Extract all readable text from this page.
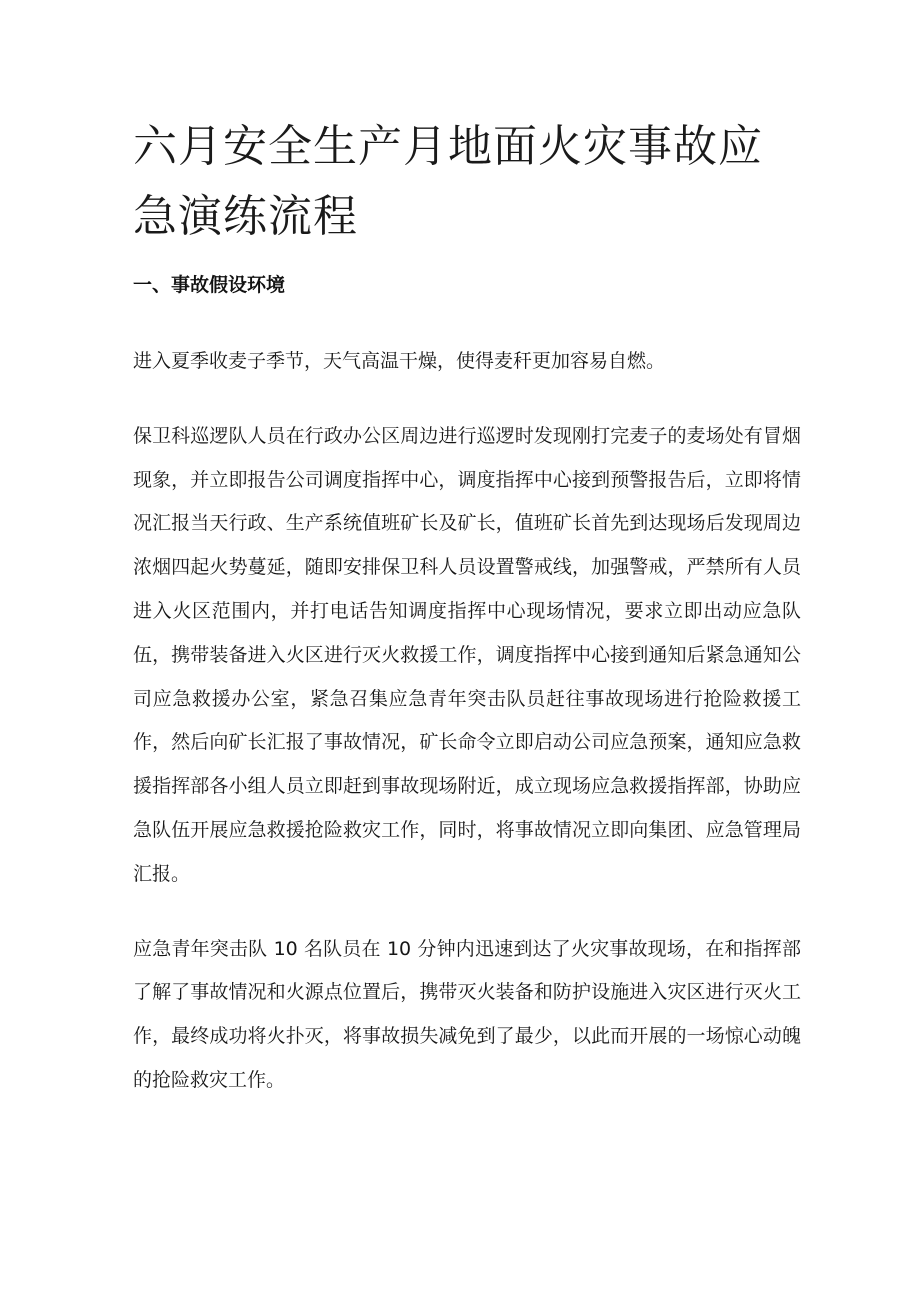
六月安全生产月地面火灾事故应急演练流程
一、事故假设环境

进入夏季收麦子季节，天气高温干燥，使得麦秆更加容易自燃。

保卫科巡逻队人员在行政办公区周边进行巡逻时发现刚打完麦子的麦场处有冒烟现象，并立即报告公司调度指挥中心，调度指挥中心接到预警报告后，立即将情况汇报当天行政、生产系统值班矿长及矿长，值班矿长首先到达现场后发现周边浓烟四起火势蔓延，随即安排保卫科人员设置警戒线，加强警戒，严禁所有人员进入火区范围内，并打电话告知调度指挥中心现场情况，要求立即出动应急队伍，携带装备进入火区进行灭火救援工作，调度指挥中心接到通知后紧急通知公司应急救援办公室，紧急召集应急青年突击队员赶往事故现场进行抢险救援工作，然后向矿长汇报了事故情况，矿长命令立即启动公司应急预案，通知应急救援指挥部各小组人员立即赶到事故现场附近，成立现场应急救援指挥部，协助应急队伍开展应急救援抢险救灾工作，同时，将事故情况立即向集团、应急管理局汇报。

应急青年突击队 10 名队员在 10 分钟内迅速到达了火灾事故现场，在和指挥部了解了事故情况和火源点位置后，携带灭火装备和防护设施进入灾区进行灭火工作，最终成功将火扑灭，将事故损失减免到了最少，以此而开展的一场惊心动魄的抢险救灾工作。
